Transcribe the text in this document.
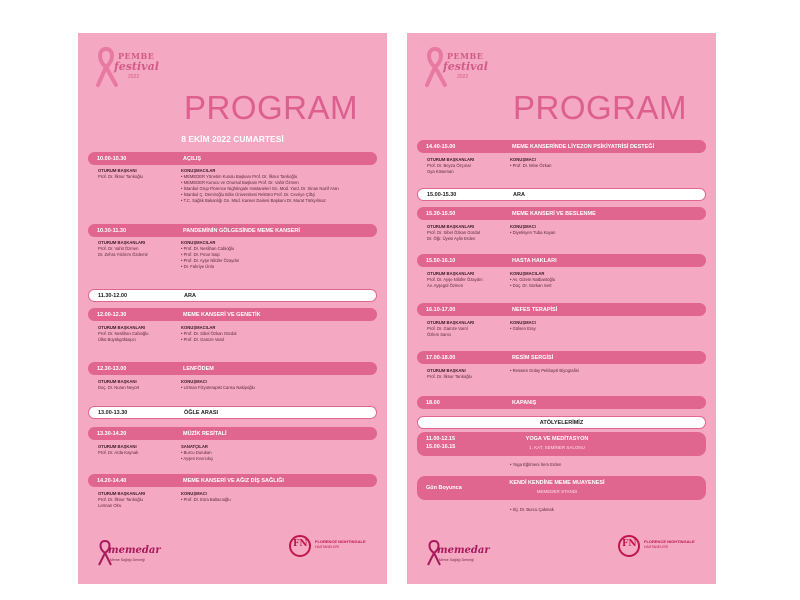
PEMBE
festival
2022
PROGRAM
8 EKİM 2022 CUMARTESİ
10.00-10.30	AÇILIŞ
OTURUM BAŞKANI
Prof. Dr. İlknur Tarıkoğlu
KONUŞMACILAR
• MEMEDER Yönetim Kurulu Başkanı Prof. Dr. İlknur Tarıkoğlu
• MEMEDER Kurucu ve Onursal Başkanı Prof. Dr. Vahit Özmen
• İstanbul Grup Florence Nightingale Hastaneleri Gn. Müd. Yard. Dr. Sinan Nazif Aran
• İstanbul Ç. Demiroğlu Bilim Üniversitesi Rektörü Prof. Dr. Cevriye Çiftçi
• T.C. Sağlık Bakanlığı Gn. Müd. Kanser Dairesi Başkanı Dr. Murat Türkyılmaz
10.30-11.30	PANDEMİNİN GÖLGESİNDE MEME KANSERİ
OTURUM BAŞKANLARI
Prof. Dr. Vahit Özmen
Dr. Zehra Yıldırım Özdemir
KONUŞMACILAR
• Prof. Dr. Neslihan Cabioğlu
• Prof. Dr. Pınar Saip
• Prof. Dr. Ayşe Nilüfer Özaydın
• Dr. Fahriye Ünlü
11.30-12.00	ARA
12.00-12.30	MEME KANSERİ VE GENETİK
OTURUM BAŞKANLARI
Prof. Dr. Neslihan Cabioğlu
Ülkü Büyükgöktaşıcı
KONUŞMACILAR
• Prof. Dr. Sibel Özkan Gürdal
• Prof. Dr. Gamze Varol
12.30-13.00	LENFÖDEM
OTURUM BAŞKANI
Doç. Dr. Nuran Neyort
KONUŞMACI
• Uzman Fizyoterapist Cansu Nakipoğlu
13.00-13.30	ÖĞLE ARASI
13.30-14.20	MÜZİK RESİTALİ
OTURUM BAŞKANI
Prof. Dr. Arda Kaynak
SANATÇILAR
• Burcu Durukan
• Ayşen Kıvırcıkçı
14.20-14.40	MEME KANSERİ VE AĞIZ DİŞ SAĞLIĞI
OTURUM BAŞKANLARI
Prof. Dr. İlknur Tarıkoğlu
Lerman Olru
KONUŞMACI
• Prof. Dr. Esra Baltacıoğlu
memedar
Meme Sağlığı Derneği
FN FLORENCE NIGHTINGALE
HASTANELERİ
PEMBE
festival
2022
PROGRAM
14.40-15.00	MEME KANSERİNDE LİYEZON PSİKİYATRİSİ DESTEĞİ
OTURUM BAŞKANLARI
Prof. Dr. Beyza Özçınar
Oya Köseman
KONUŞMACI
• Prof. Dr. Mine Özkan
15.00-15.30	ARA
15.30-15.50	MEME KANSERİ VE BESLENME
OTURUM BAŞKANLARI
Prof. Dr. Sibel Özkan Gürdal
Dr. Öğr. Üyesi Aylin Erden
KONUŞMACI
• Diyetisyen Tuba Kayan
15.50-16.10	HASTA HAKLARI
OTURUM BAŞKANLARI
Prof. Dr. Ayşe Nilüfer Özaydın
Av. Ayşegül Özmen
KONUŞMACILAR
• Av. Gizem Natbantoğlu
• Doç. Dr. Gürkan Sert
16.10-17.00	NEFES TERAPİSİ
OTURUM BAŞKANLARI
Prof. Dr. Gamze Varol
Özlem Sarıcı
KONUŞMACI
• Gülsen Eray
17.00-18.00	RESİM SERGİSİ
OTURUM BAŞKANI
Prof. Dr. İlknur Tarıkoğlu
• Ressam Gülay Pekbaysl Biyografisi
18.00	KAPANIŞ
ATÖLYELERİMİZ
11.00-12.15
15.00-16.15
YOGA VE MEDİTASYON
1. KAT, SEMİNER SALONU
• Yoga Eğitmeni İrem Erden
Gün Boyunca
KENDİ KENDİNE MEME MUAYENESİ
MEMEDER STANDI
• Stj. Dr. Burcu Çakmak
memedar
Meme Sağlığı Derneği
FN FLORENCE NIGHTINGALE
HASTANELERİ
